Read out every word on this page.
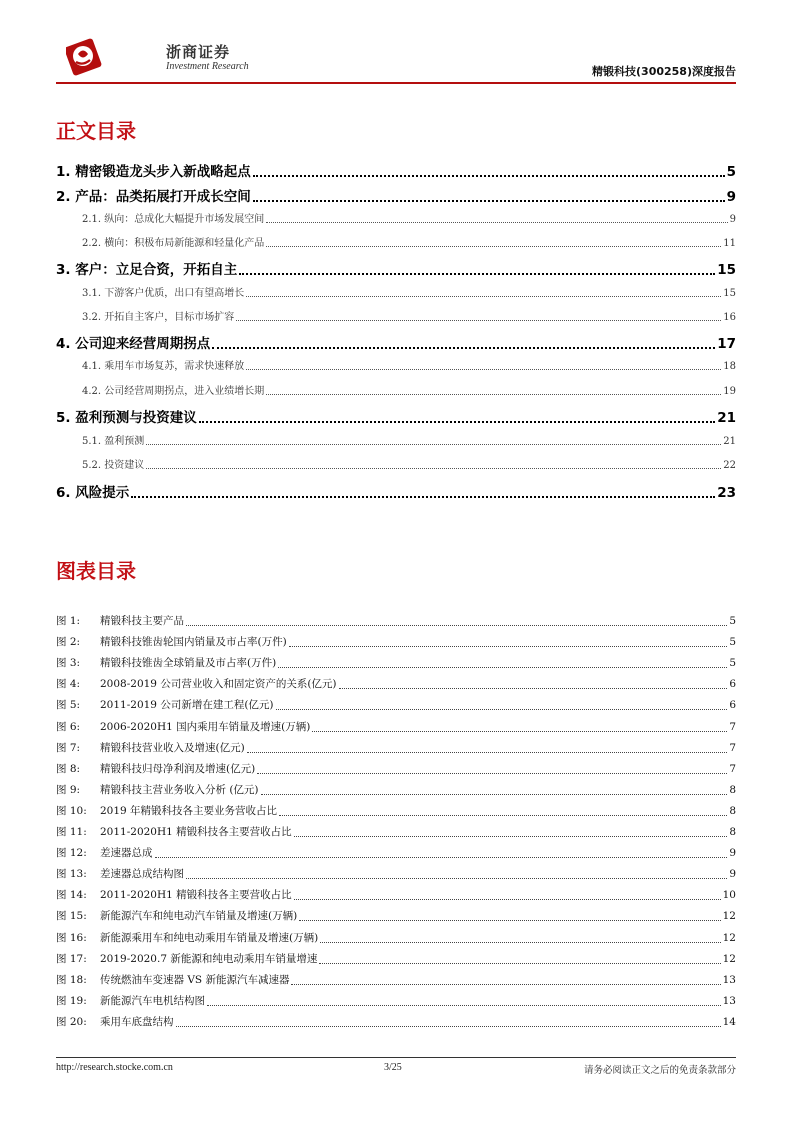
浙商证券
Investment Research	精锻科技(300258)深度报告
正文目录
1. 精密锻造龙头步入新战略起点	5
2. 产品：品类拓展打开成长空间	9
2.1. 纵向：总成化大幅提升市场发展空间	9
2.2. 横向：积极布局新能源和轻量化产品	11
3. 客户：立足合资，开拓自主	15
3.1. 下游客户优质，出口有望高增长	15
3.2. 开拓自主客户，目标市场扩容	16
4. 公司迎来经营周期拐点	17
4.1. 乘用车市场复苏，需求快速释放	18
4.2. 公司经营周期拐点，进入业绩增长期	19
5. 盈利预测与投资建议	21
5.1. 盈利预测	21
5.2. 投资建议	22
6. 风险提示	23
图表目录
图 1:	精锻科技主要产品	5
图 2:	精锻科技锥齿轮国内销量及市占率(万件)	5
图 3:	精锻科技锥齿全球销量及市占率(万件)	5
图 4:	2008-2019 公司营业收入和固定资产的关系(亿元)	6
图 5:	2011-2019 公司新增在建工程(亿元)	6
图 6:	2006-2020H1 国内乘用车销量及增速(万辆)	7
图 7:	精锻科技营业收入及增速(亿元)	7
图 8:	精锻科技归母净利润及增速(亿元)	7
图 9:	精锻科技主营业务收入分析 (亿元)	8
图 10:	2019 年精锻科技各主要业务营收占比	8
图 11:	2011-2020H1 精锻科技各主要营收占比	8
图 12:	差速器总成	9
图 13:	差速器总成结构图	9
图 14:	2011-2020H1 精锻科技各主要营收占比	10
图 15:	新能源汽车和纯电动汽车销量及增速(万辆)	12
图 16:	新能源乘用车和纯电动乘用车销量及增速(万辆)	12
图 17:	2019-2020.7 新能源和纯电动乘用车销量增速	12
图 18:	传统燃油车变速器 VS 新能源汽车减速器	13
图 19:	新能源汽车电机结构图	13
图 20:	乘用车底盘结构	14
http://research.stocke.com.cn	3/25	请务必阅读正文之后的免责条款部分
